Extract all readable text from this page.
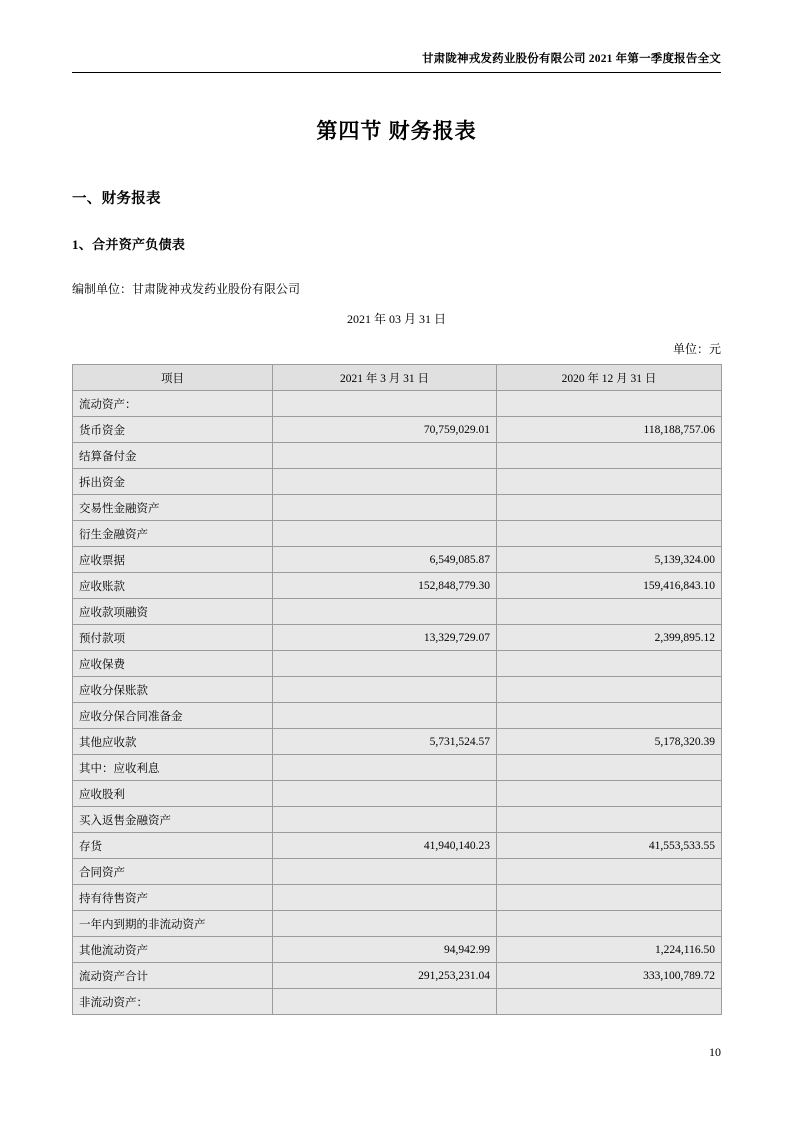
甘肃陇神戎发药业股份有限公司 2021 年第一季度报告全文
第四节 财务报表
一、财务报表
1、合并资产负债表
编制单位：甘肃陇神戎发药业股份有限公司
2021 年 03 月 31 日
单位：元
项目	2021 年 3 月 31 日	2020 年 12 月 31 日
流动资产：		
货币资金	70,759,029.01	118,188,757.06
结算备付金		
拆出资金		
交易性金融资产		
衍生金融资产		
应收票据	6,549,085.87	5,139,324.00
应收账款	152,848,779.30	159,416,843.10
应收款项融资		
预付款项	13,329,729.07	2,399,895.12
应收保费		
应收分保账款		
应收分保合同准备金		
其他应收款	5,731,524.57	5,178,320.39
其中：应收利息		
应收股利		
买入返售金融资产		
存货	41,940,140.23	41,553,533.55
合同资产		
持有待售资产		
一年内到期的非流动资产		
其他流动资产	94,942.99	1,224,116.50
流动资产合计	291,253,231.04	333,100,789.72
非流动资产：		
10
